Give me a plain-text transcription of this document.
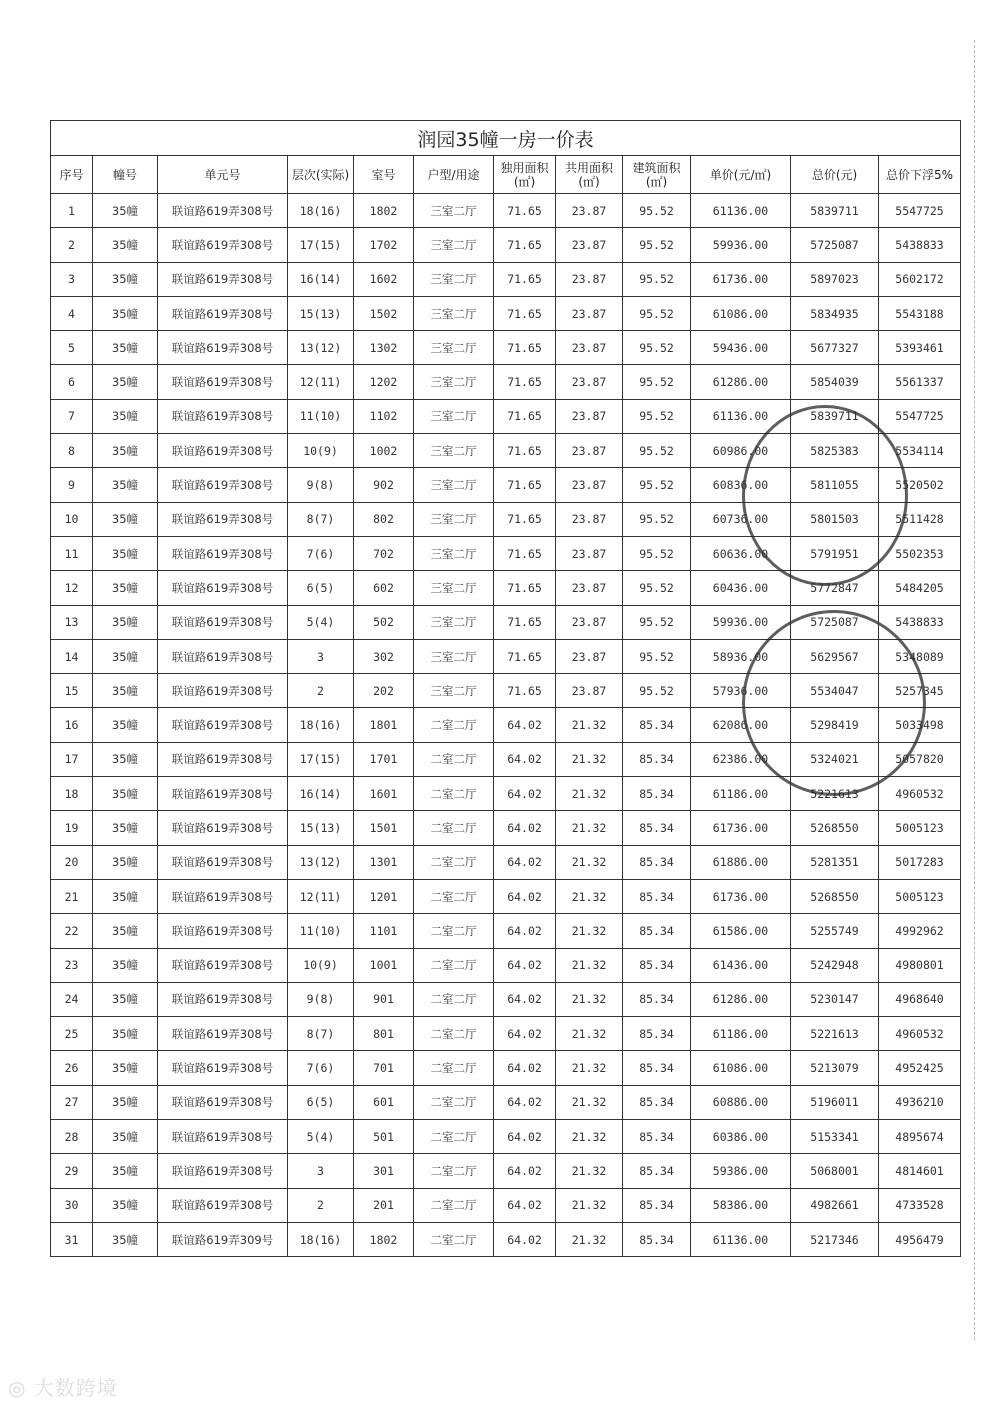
润园35幢一房一价表											
序号	幢号	单元号	层次(实际)	室号	户型/用途	独用面积(㎡)	共用面积(㎡)	建筑面积(㎡)	单价(元/㎡)	总价(元)	总价下浮5%
1	35幢	联谊路619弄308号	18(16)	1802	三室二厅	71.65	23.87	95.52	61136.00	5839711	5547725
2	35幢	联谊路619弄308号	17(15)	1702	三室二厅	71.65	23.87	95.52	59936.00	5725087	5438833
3	35幢	联谊路619弄308号	16(14)	1602	三室二厅	71.65	23.87	95.52	61736.00	5897023	5602172
4	35幢	联谊路619弄308号	15(13)	1502	三室二厅	71.65	23.87	95.52	61086.00	5834935	5543188
5	35幢	联谊路619弄308号	13(12)	1302	三室二厅	71.65	23.87	95.52	59436.00	5677327	5393461
6	35幢	联谊路619弄308号	12(11)	1202	三室二厅	71.65	23.87	95.52	61286.00	5854039	5561337
7	35幢	联谊路619弄308号	11(10)	1102	三室二厅	71.65	23.87	95.52	61136.00	5839711	5547725
8	35幢	联谊路619弄308号	10(9)	1002	三室二厅	71.65	23.87	95.52	60986.00	5825383	5534114
9	35幢	联谊路619弄308号	9(8)	902	三室二厅	71.65	23.87	95.52	60836.00	5811055	5520502
10	35幢	联谊路619弄308号	8(7)	802	三室二厅	71.65	23.87	95.52	60736.00	5801503	5511428
11	35幢	联谊路619弄308号	7(6)	702	三室二厅	71.65	23.87	95.52	60636.00	5791951	5502353
12	35幢	联谊路619弄308号	6(5)	602	三室二厅	71.65	23.87	95.52	60436.00	5772847	5484205
13	35幢	联谊路619弄308号	5(4)	502	三室二厅	71.65	23.87	95.52	59936.00	5725087	5438833
14	35幢	联谊路619弄308号	3	302	三室二厅	71.65	23.87	95.52	58936.00	5629567	5348089
15	35幢	联谊路619弄308号	2	202	三室二厅	71.65	23.87	95.52	57936.00	5534047	5257345
16	35幢	联谊路619弄308号	18(16)	1801	二室二厅	64.02	21.32	85.34	62086.00	5298419	5033498
17	35幢	联谊路619弄308号	17(15)	1701	二室二厅	64.02	21.32	85.34	62386.00	5324021	5057820
18	35幢	联谊路619弄308号	16(14)	1601	二室二厅	64.02	21.32	85.34	61186.00	5221613	4960532
19	35幢	联谊路619弄308号	15(13)	1501	二室二厅	64.02	21.32	85.34	61736.00	5268550	5005123
20	35幢	联谊路619弄308号	13(12)	1301	二室二厅	64.02	21.32	85.34	61886.00	5281351	5017283
21	35幢	联谊路619弄308号	12(11)	1201	二室二厅	64.02	21.32	85.34	61736.00	5268550	5005123
22	35幢	联谊路619弄308号	11(10)	1101	二室二厅	64.02	21.32	85.34	61586.00	5255749	4992962
23	35幢	联谊路619弄308号	10(9)	1001	二室二厅	64.02	21.32	85.34	61436.00	5242948	4980801
24	35幢	联谊路619弄308号	9(8)	901	二室二厅	64.02	21.32	85.34	61286.00	5230147	4968640
25	35幢	联谊路619弄308号	8(7)	801	二室二厅	64.02	21.32	85.34	61186.00	5221613	4960532
26	35幢	联谊路619弄308号	7(6)	701	二室二厅	64.02	21.32	85.34	61086.00	5213079	4952425
27	35幢	联谊路619弄308号	6(5)	601	二室二厅	64.02	21.32	85.34	60886.00	5196011	4936210
28	35幢	联谊路619弄308号	5(4)	501	二室二厅	64.02	21.32	85.34	60386.00	5153341	4895674
29	35幢	联谊路619弄308号	3	301	二室二厅	64.02	21.32	85.34	59386.00	5068001	4814601
30	35幢	联谊路619弄308号	2	201	二室二厅	64.02	21.32	85.34	58386.00	4982661	4733528
31	35幢	联谊路619弄309号	18(16)	1802	二室二厅	64.02	21.32	85.34	61136.00	5217346	4956479
◎ 大数跨境
